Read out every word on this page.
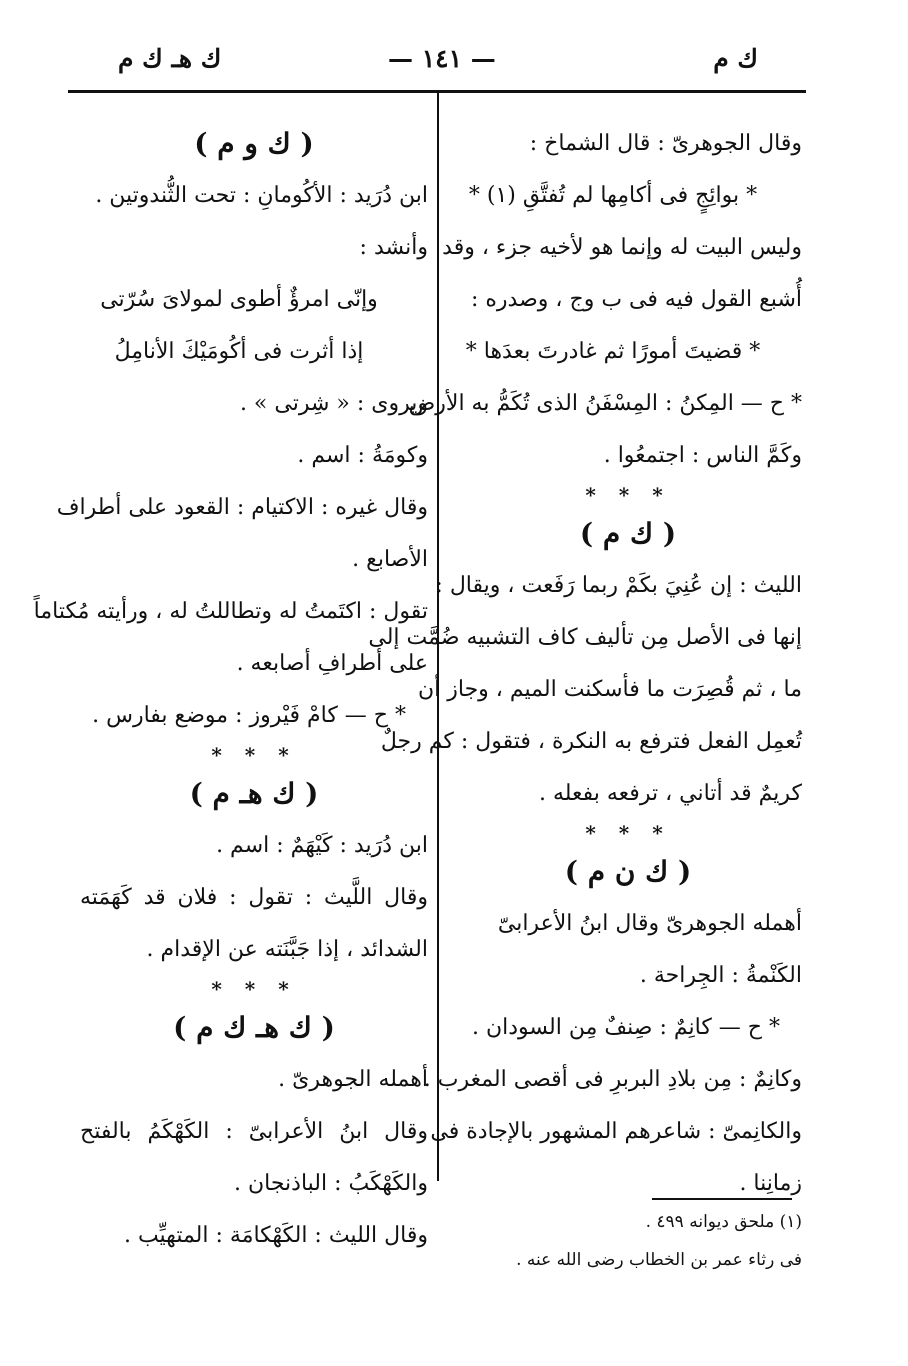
ك م
— ١٤١ —
ك هـ ك م
وقال الجوهرىّ : قال الشماخ :
* بوائِجٍ فى أكامِها لم تُفتَّقِ (١) *
وليس البيت له وإنما هو لأخيه جزء ، وقد
أُشبع القول فيه فى ب وج ، وصدره :
* قضيتَ أمورًا ثم غادرتَ بعدَها *
* ح — المِكنُ : المِسْفَنُ الذى تُكَمُّ به الأرض
وكَمَّ الناس : اجتمعُوا .
* * *
( ك م )
الليث : إن عُنِيَ بكَمْ ربما رَفَعت ، ويقال :
إنها فى الأصل مِن تأليف كاف التشبيه ضُمَّت إلى
ما ، ثم قُصِرَت ما فأسكنت الميم ، وجاز أن
تُعمِل الفعل فترفع به النكرة ، فتقول : كم رجلٌ
كريمٌ قد أتاني ، ترفعه بفعله .
* * *
( ك ن م )
أهمله الجوهرىّ وقال ابنُ الأعرابىّ
الكَنْمةُ : الجِراحة .
* ح — كانِمٌ : صِنفٌ مِن السودان .
وكانِمٌ : مِن بلادِ البربرِ فى أقصى المغرب .
والكانِمىّ : شاعرهم المشهور بالإجادة فى
زمانِنا .
( ك و م )
ابن دُرَيد : الأكُومانِ : تحت الثُّندوتين .
وأنشد :
وإنّى امرؤٌ أطوى لمولاىَ سُرّتى
إذا أثرت فى أكُومَيْكَ الأنامِلُ
ويروى : « شِرتى » .
وكومَةُ : اسم .
وقال غيره : الاكتيام : القعود على أطراف
الأصابع .
تقول : اكتَمتُ له وتطاللتُ له ، ورأيته مُكتاماً
على أطرافِ أصابعه .
* ح — كامْ فَيْروز : موضع بفارس .
* * *
( ك هـ م )
ابن دُرَيد : كَيْهَمٌ : اسم .
وقال اللَّيث : تقول : فلان قد كَهَمَته
الشدائد ، إذا جَبَّنَته عن الإقدام .
* * *
( ك هـ ك م )
أهمله الجوهرىّ .
وقال ابنُ الأعرابىّ : الكَهْكَمُ بالفتح
والكَهْكَبُ : الباذنجان .
وقال الليث : الكَهْكامَة : المتهيِّب .
(١) ملحق ديوانه ٤٩٩ .
فى رثاء عمر بن الخطاب رضى الله عنه .
